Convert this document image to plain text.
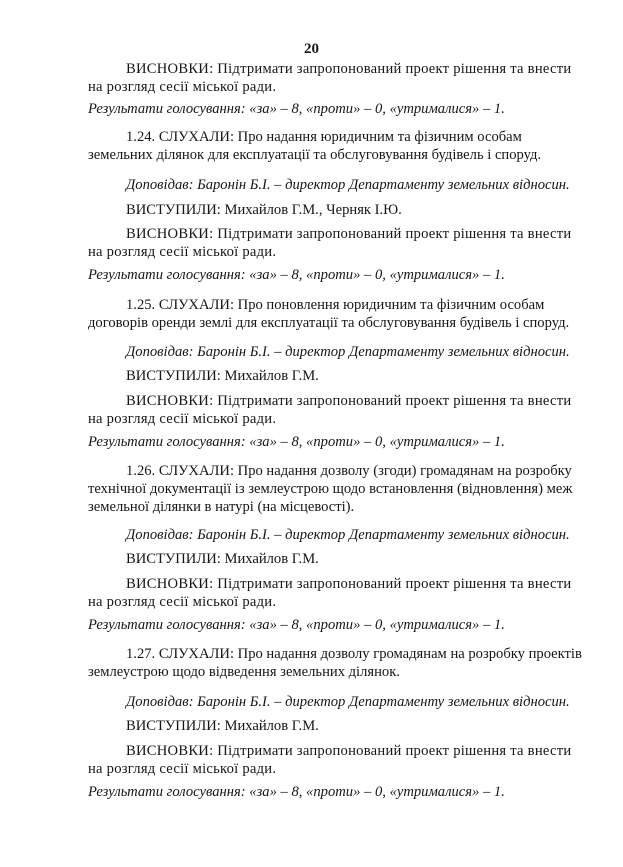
20

ВИСНОВКИ: Підтримати запропонований проект рішення та внести на розгляд сесії міської ради.

Результати голосування: «за» – 8, «проти» – 0, «утрималися» – 1.

1.24. СЛУХАЛИ: Про надання юридичним та фізичним особам земельних ділянок для експлуатації та обслуговування будівель і споруд.

Доповідав: Баронін Б.І. – директор Департаменту земельних відносин.

ВИСТУПИЛИ: Михайлов Г.М., Черняк І.Ю.

ВИСНОВКИ: Підтримати запропонований проект рішення та внести на розгляд сесії міської ради.

Результати голосування: «за» – 8, «проти» – 0, «утрималися» – 1.

1.25. СЛУХАЛИ: Про поновлення юридичним та фізичним особам договорів оренди землі для експлуатації та обслуговування будівель і споруд.

Доповідав: Баронін Б.І. – директор Департаменту земельних відносин.

ВИСТУПИЛИ: Михайлов Г.М.

ВИСНОВКИ: Підтримати запропонований проект рішення та внести на розгляд сесії міської ради.

Результати голосування: «за» – 8, «проти» – 0, «утрималися» – 1.

1.26. СЛУХАЛИ: Про надання дозволу (згоди) громадянам на розробку технічної документації із землеустрою щодо встановлення (відновлення) меж земельної ділянки в натурі (на місцевості).

Доповідав: Баронін Б.І. – директор Департаменту земельних відносин.

ВИСТУПИЛИ: Михайлов Г.М.

ВИСНОВКИ: Підтримати запропонований проект рішення та внести на розгляд сесії міської ради.

Результати голосування: «за» – 8, «проти» – 0, «утрималися» – 1.

1.27. СЛУХАЛИ: Про надання дозволу громадянам на розробку проектів землеустрою щодо відведення земельних ділянок.

Доповідав: Баронін Б.І. – директор Департаменту земельних відносин.

ВИСТУПИЛИ: Михайлов Г.М.

ВИСНОВКИ: Підтримати запропонований проект рішення та внести на розгляд сесії міської ради.

Результати голосування: «за» – 8, «проти» – 0, «утрималися» – 1.
